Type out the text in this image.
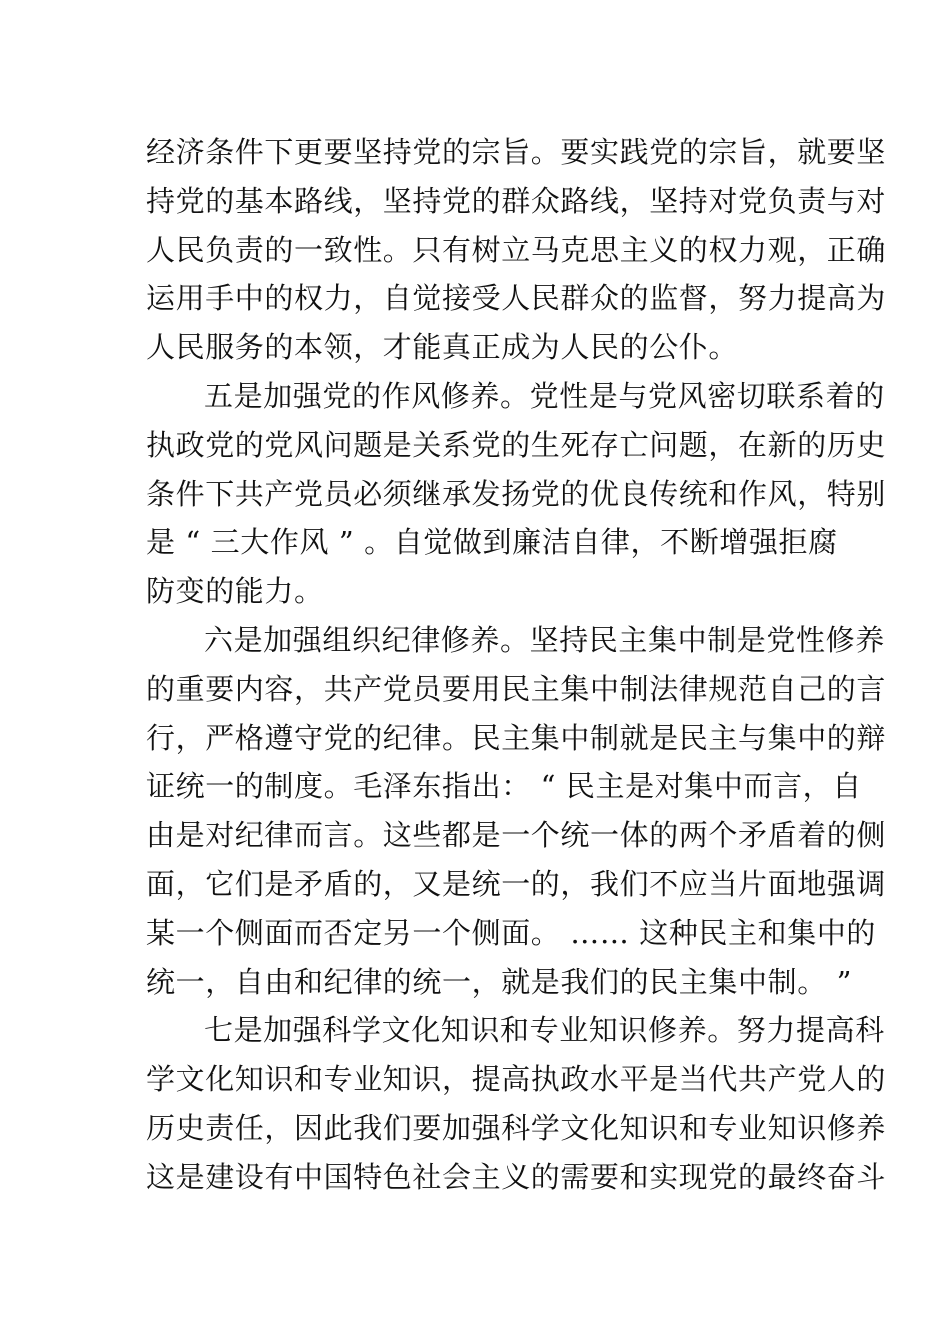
经济条件下更要坚持党的宗旨。要实践党的宗旨，就要坚
持党的基本路线，坚持党的群众路线，坚持对党负责与对
人民负责的一致性。只有树立马克思主义的权力观，正确
运用手中的权力，自觉接受人民群众的监督，努力提高为
人民服务的本领，才能真正成为人民的公仆。
五是加强党的作风修养。党性是与党风密切联系着的
执政党的党风问题是关系党的生死存亡问题，在新的历史
条件下共产党员必须继承发扬党的优良传统和作风，特别
是 “ 三大作风 ” 。自觉做到廉洁自律，不断增强拒腐
防变的能力。
六是加强组织纪律修养。坚持民主集中制是党性修养
的重要内容，共产党员要用民主集中制法律规范自己的言
行，严格遵守党的纪律。民主集中制就是民主与集中的辩
证统一的制度。毛泽东指出： “ 民主是对集中而言，自
由是对纪律而言。这些都是一个统一体的两个矛盾着的侧
面，它们是矛盾的，又是统一的，我们不应当片面地强调
某一个侧面而否定另一个侧面。 …… 这种民主和集中的
统一，自由和纪律的统一，就是我们的民主集中制。 ”
七是加强科学文化知识和专业知识修养。努力提高科
学文化知识和专业知识，提高执政水平是当代共产党人的
历史责任，因此我们要加强科学文化知识和专业知识修养
这是建设有中国特色社会主义的需要和实现党的最终奋斗
